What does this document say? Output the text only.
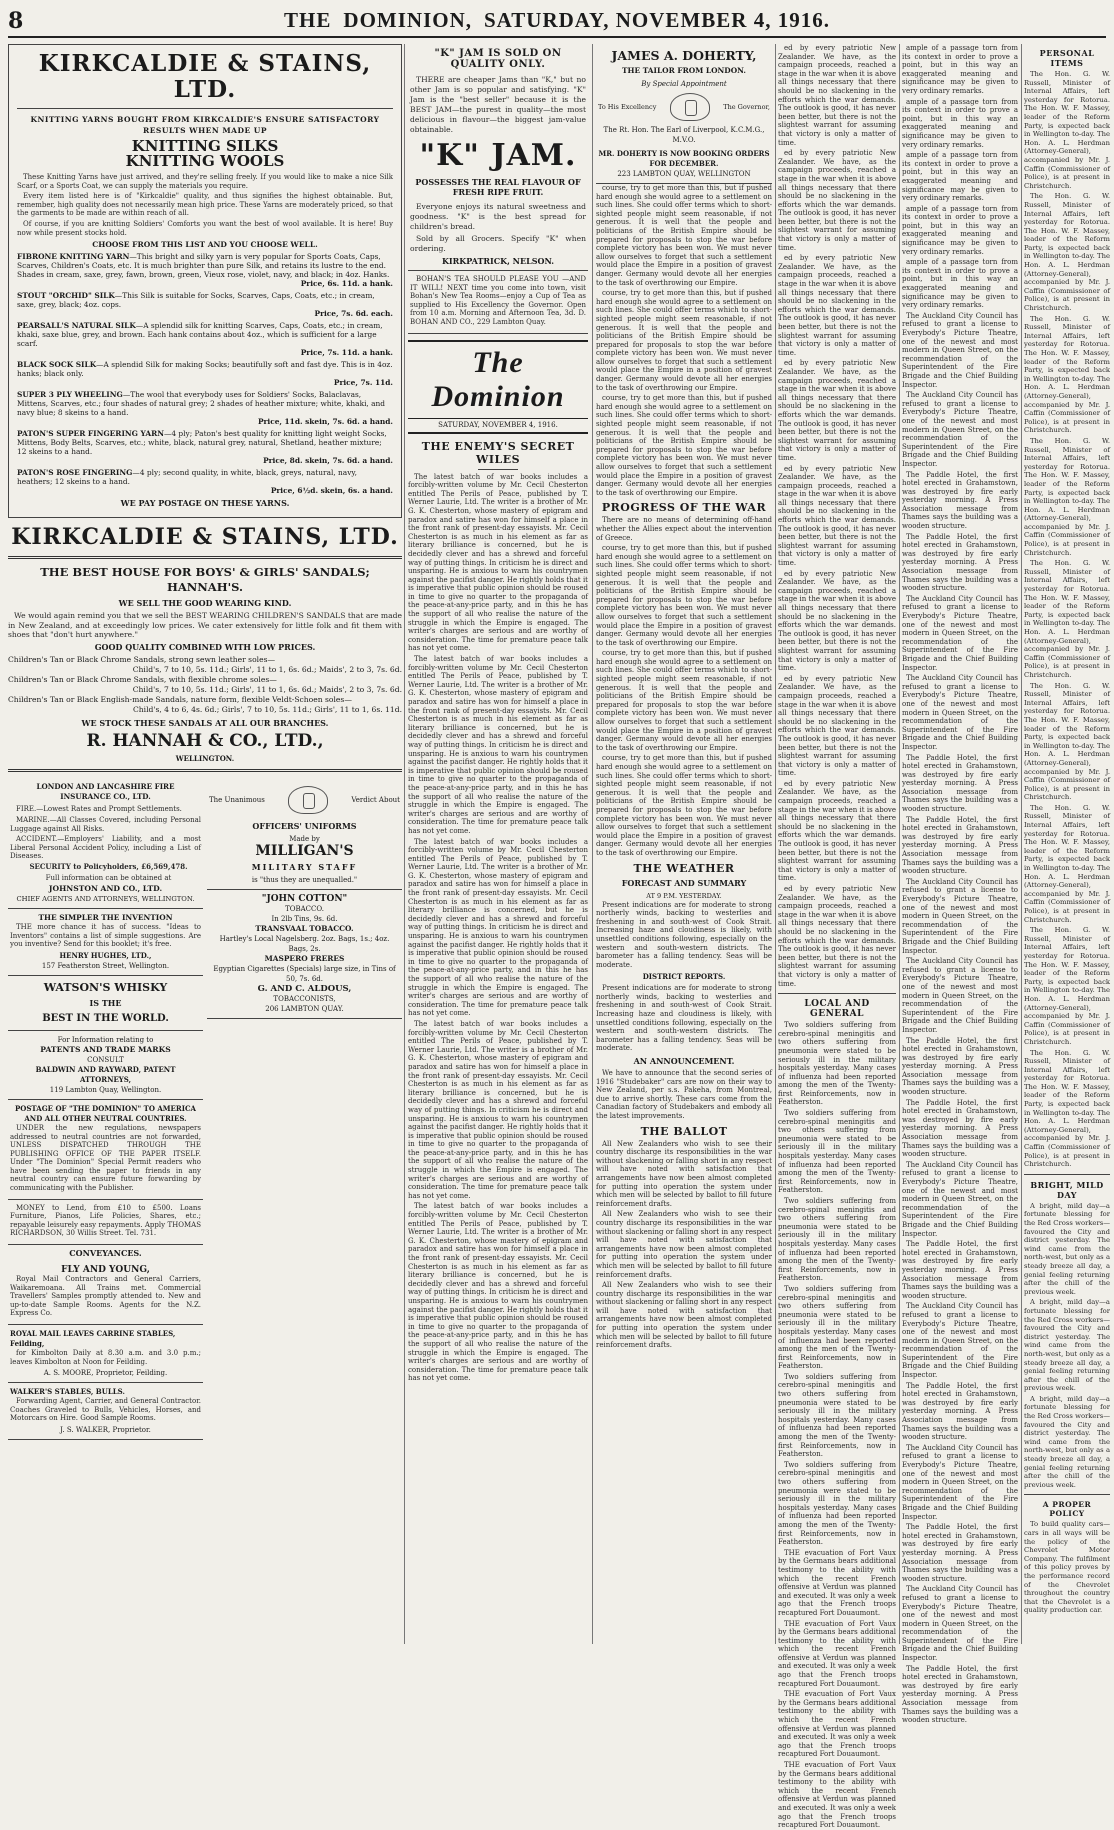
8	THE DOMINION, SATURDAY, NOVEMBER 4, 1916.
KIRKCALDIE & STAINS, LTD.
KNITTING YARNS BOUGHT FROM KIRKCALDIE'S ENSURE SATISFACTORY RESULTS WHEN MADE UP
KNITTING SILKS
KNITTING WOOLS

These Knitting Yarns have just arrived, and they're selling freely. If you would like to make a nice Silk Scarf, or a Sports Coat, we can supply the materials you require.

Every item listed here is of "Kirkcaldie" quality, and thus signifies the highest obtainable. But, remember, high quality does not necessarily mean high price. These Yarns are moderately priced, so that the garments to be made are within reach of all.

Of course, if you are knitting Soldiers' Comforts you want the best of wool available. It is here! Buy now while present stocks hold.

CHOOSE FROM THIS LIST AND YOU CHOOSE WELL.
FIBRONE KNITTING YARN—This bright and silky yarn is very popular for Sports Coats, Caps, Scarves, Children's Coats, etc. It is much brighter than pure Silk, and retains its lustre to the end. Shades in cream, saxe, grey, fawn, brown, green, Vieux rose, violet, navy, and black; in 4oz. Hanks.
Price, 6s. 11d. a hank.
STOUT "ORCHID" SILK—This Silk is suitable for Socks, Scarves, Caps, Coats, etc.; in cream, saxe, grey, black; 4oz. cops.
Price, 7s. 6d. each.
PEARSALL'S NATURAL SILK—A splendid silk for knitting Scarves, Caps, Coats, etc.; in cream, khaki, saxe blue, grey, and brown. Each hank contains about 4oz., which is sufficient for a large scarf.
Price, 7s. 11d. a hank.
BLACK SOCK SILK—A splendid Silk for making Socks; beautifully soft and fast dye. This is in 4oz. hanks; black only.
Price, 7s. 11d.
SUPER 3 PLY WHEELING—The wool that everybody uses for Soldiers' Socks, Balaclavas, Mittens, Scarves, etc.; four shades of natural grey; 2 shades of heather mixture; white, khaki, and navy blue; 8 skeins to a hand.
Price, 11d. skein, 7s. 6d. a hand.
PATON'S SUPER FINGERING YARN—4 ply; Paton's best quality for knitting light weight Socks, Mittens, Body Belts, Scarves, etc.; white, black, natural grey, natural, Shetland, heather mixture; 12 skeins to a hand.
Price, 8d. skein, 7s. 6d. a hand.
PATON'S ROSE FINGERING—4 ply; second quality, in white, black, greys, natural, navy, heathers; 12 skeins to a hand.
Price, 6½d. skein, 6s. a hand.
WE PAY POSTAGE ON THESE YARNS.
KIRKCALDIE & STAINS, LTD.
THE BEST HOUSE FOR BOYS' & GIRLS' SANDALS; HANNAH'S.
WE SELL THE GOOD WEARING KIND.

We would again remind you that we sell the BEST WEARING CHILDREN'S SANDALS that are made in New Zealand, and at exceedingly low prices. We cater extensively for little folk and fit them with shoes that "don't hurt anywhere."

GOOD QUALITY COMBINED WITH LOW PRICES.
Children's Tan or Black Chrome Sandals, strong sewn leather soles—
Child's, 7 to 10, 5s. 11d.; Girls', 11 to 1, 6s. 6d.; Maids', 2 to 3, 7s. 6d.
Children's Tan or Black Chrome Sandals, with flexible chrome soles—
Child's, 7 to 10, 5s. 11d.; Girls', 11 to 1, 6s. 6d.; Maids', 2 to 3, 7s. 6d.
Children's Tan or Black English-made Sandals, nature form, flexible Veldt-Schoen soles—
Child's, 4 to 6, 4s. 6d.; Girls', 7 to 10, 5s. 11d.; Girls', 11 to 1, 6s. 11d.
WE STOCK THESE SANDALS AT ALL OUR BRANCHES.
R. HANNAH & CO., LTD.,
WELLINGTON.
LONDON AND LANCASHIRE FIRE INSURANCE CO., LTD.

FIRE.—Lowest Rates and Prompt Settlements.

MARINE.—All Classes Covered, including Personal Luggage against All Risks.

ACCIDENT.—Employers' Liability, and a most Liberal Personal Accident Policy, including a List of Diseases.

SECURITY to Policyholders, £6,569,478.

Full information can be obtained at

JOHNSTON AND CO., LTD.
CHIEF AGENTS AND ATTORNEYS, WELLINGTON.
THE SIMPLER THE INVENTION

THE more chance it has of success. "Ideas to Inventors" contains a list of simple suggestions. Are you inventive? Send for this booklet; it's free.

HENRY HUGHES, LTD.,
157 Featherston Street, Wellington.
WATSON'S WHISKY
IS THE
BEST IN THE WORLD.
For Information relating to
PATENTS AND TRADE MARKS
CONSULT
BALDWIN AND RAYWARD, PATENT ATTORNEYS,
119 Lambton Quay, Wellington.
POSTAGE OF "THE DOMINION" TO AMERICA AND ALL OTHER NEUTRAL COUNTRIES.

UNDER the new regulations, newspapers addressed to neutral countries are not forwarded, UNLESS DISPATCHED THROUGH THE PUBLISHING OFFICE OF THE PAPER ITSELF. Under "The Dominion" Special Permit readers who have been sending the paper to friends in any neutral country can ensure future forwarding by communicating with the Publisher.

MONEY to Lend, from £10 to £500. Loans Furniture, Pianos, Life Policies, Shares, etc.; repayable leisurely easy repayments. Apply THOMAS RICHARDSON, 30 Willis Street. Tel. 731.

CONVEYANCES.
FLY AND YOUNG,

Royal Mail Contractors and General Carriers, Waikaremoana. All Trains met. Commercial Travellers' Samples promptly attended to. New and up-to-date Sample Rooms. Agents for the N.Z. Express Co.

ROYAL MAIL LEAVES CARRINE STABLES, Feilding,

for Kimbolton Daily at 8.30 a.m. and 3.0 p.m.; leaves Kimbolton at Noon for Feilding.

A. S. MOORE, Proprietor, Feilding.
WALKER'S STABLES, BULLS.

Forwarding Agent, Carrier, and General Contractor. Coaches Graveled to Bulls, Vehicles, Horses, and Motorcars on Hire. Good Sample Rooms.

J. S. WALKER, Proprietor.
The Unanimous	Verdict About
OFFICERS' UNIFORMS
Made by
MILLIGAN'S
MILITARY STAFF
is "thus they are unequalled."
"JOHN COTTON"
TOBACCO.
In 2lb Tins, 9s. 6d.
TRANSVAAL TOBACCO.
Hartley's Local Nagelsberg. 2oz. Bags, 1s.; 4oz. Bags, 2s.
MASPERO FRERES
Egyptian Cigarettes (Specials) large size, in Tins of 50, 7s. 6d.
G. AND C. ALDOUS,
TOBACCONISTS,
206 LAMBTON QUAY.
"K" JAM IS SOLD ON QUALITY ONLY.

THERE are cheaper Jams than "K," but no other Jam is so popular and satisfying. "K" Jam is the "best seller" because it is the BEST JAM—the purest in quality—the most delicious in flavour—the biggest jam-value obtainable.

"K" JAM.
POSSESSES THE REAL FLAVOUR OF FRESH RIPE FRUIT.

Everyone enjoys its natural sweetness and goodness. "K" is the best spread for children's bread.

Sold by all Grocers. Specify "K" when ordering.

KIRKPATRICK, NELSON.

BOHAN'S TEA SHOULD PLEASE YOU —AND IT WILL! NEXT time you come into town, visit Bohan's New Tea Rooms—enjoy a Cup of Tea as supplied to His Excellency the Governor. Open from 10 a.m. Morning and Afternoon Tea, 3d. D. BOHAN AND CO., 229 Lambton Quay.

The Dominion
SATURDAY, NOVEMBER 4, 1916.
THE ENEMY'S SECRET WILES

The latest batch of war books includes a forcibly-written volume by Mr. Cecil Chesterton entitled The Perils of Peace, published by T. Werner Laurie, Ltd. The writer is a brother of Mr. G. K. Chesterton, whose mastery of epigram and paradox and satire has won for himself a place in the front rank of present-day essayists. Mr. Cecil Chesterton is as much in his element as far as literary brilliance is concerned, but he is decidedly clever and has a shrewd and forceful way of putting things. In criticism he is direct and unsparing. He is anxious to warn his countrymen against the pacifist danger. He rightly holds that it is imperative that public opinion should be roused in time to give no quarter to the propaganda of the peace-at-any-price party, and in this he has the support of all who realise the nature of the struggle in which the Empire is engaged. The writer's charges are serious and are worthy of consideration. The time for premature peace talk has not yet come.

The latest batch of war books includes a forcibly-written volume by Mr. Cecil Chesterton entitled The Perils of Peace, published by T. Werner Laurie, Ltd. The writer is a brother of Mr. G. K. Chesterton, whose mastery of epigram and paradox and satire has won for himself a place in the front rank of present-day essayists. Mr. Cecil Chesterton is as much in his element as far as literary brilliance is concerned, but he is decidedly clever and has a shrewd and forceful way of putting things. In criticism he is direct and unsparing. He is anxious to warn his countrymen against the pacifist danger. He rightly holds that it is imperative that public opinion should be roused in time to give no quarter to the propaganda of the peace-at-any-price party, and in this he has the support of all who realise the nature of the struggle in which the Empire is engaged. The writer's charges are serious and are worthy of consideration. The time for premature peace talk has not yet come.

The latest batch of war books includes a forcibly-written volume by Mr. Cecil Chesterton entitled The Perils of Peace, published by T. Werner Laurie, Ltd. The writer is a brother of Mr. G. K. Chesterton, whose mastery of epigram and paradox and satire has won for himself a place in the front rank of present-day essayists. Mr. Cecil Chesterton is as much in his element as far as literary brilliance is concerned, but he is decidedly clever and has a shrewd and forceful way of putting things. In criticism he is direct and unsparing. He is anxious to warn his countrymen against the pacifist danger. He rightly holds that it is imperative that public opinion should be roused in time to give no quarter to the propaganda of the peace-at-any-price party, and in this he has the support of all who realise the nature of the struggle in which the Empire is engaged. The writer's charges are serious and are worthy of consideration. The time for premature peace talk has not yet come.

The latest batch of war books includes a forcibly-written volume by Mr. Cecil Chesterton entitled The Perils of Peace, published by T. Werner Laurie, Ltd. The writer is a brother of Mr. G. K. Chesterton, whose mastery of epigram and paradox and satire has won for himself a place in the front rank of present-day essayists. Mr. Cecil Chesterton is as much in his element as far as literary brilliance is concerned, but he is decidedly clever and has a shrewd and forceful way of putting things. In criticism he is direct and unsparing. He is anxious to warn his countrymen against the pacifist danger. He rightly holds that it is imperative that public opinion should be roused in time to give no quarter to the propaganda of the peace-at-any-price party, and in this he has the support of all who realise the nature of the struggle in which the Empire is engaged. The writer's charges are serious and are worthy of consideration. The time for premature peace talk has not yet come.

The latest batch of war books includes a forcibly-written volume by Mr. Cecil Chesterton entitled The Perils of Peace, published by T. Werner Laurie, Ltd. The writer is a brother of Mr. G. K. Chesterton, whose mastery of epigram and paradox and satire has won for himself a place in the front rank of present-day essayists. Mr. Cecil Chesterton is as much in his element as far as literary brilliance is concerned, but he is decidedly clever and has a shrewd and forceful way of putting things. In criticism he is direct and unsparing. He is anxious to warn his countrymen against the pacifist danger. He rightly holds that it is imperative that public opinion should be roused in time to give no quarter to the propaganda of the peace-at-any-price party, and in this he has the support of all who realise the nature of the struggle in which the Empire is engaged. The writer's charges are serious and are worthy of consideration. The time for premature peace talk has not yet come.

JAMES A. DOHERTY,
THE TAILOR FROM LONDON.
By Special Appointment
To His Excellency	The Governor,
The Rt. Hon. The Earl of Liverpool, K.C.M.G., M.V.O.
MR. DOHERTY IS NOW BOOKING ORDERS FOR DECEMBER.
223 LAMBTON QUAY, WELLINGTON

course, try to get more than this, but if pushed hard enough she would agree to a settlement on such lines. She could offer terms which to short-sighted people might seem reasonable, if not generous. It is well that the people and politicians of the British Empire should be prepared for proposals to stop the war before complete victory has been won. We must never allow ourselves to forget that such a settlement would place the Empire in a position of gravest danger. Germany would devote all her energies to the task of overthrowing our Empire.

course, try to get more than this, but if pushed hard enough she would agree to a settlement on such lines. She could offer terms which to short-sighted people might seem reasonable, if not generous. It is well that the people and politicians of the British Empire should be prepared for proposals to stop the war before complete victory has been won. We must never allow ourselves to forget that such a settlement would place the Empire in a position of gravest danger. Germany would devote all her energies to the task of overthrowing our Empire.

course, try to get more than this, but if pushed hard enough she would agree to a settlement on such lines. She could offer terms which to short-sighted people might seem reasonable, if not generous. It is well that the people and politicians of the British Empire should be prepared for proposals to stop the war before complete victory has been won. We must never allow ourselves to forget that such a settlement would place the Empire in a position of gravest danger. Germany would devote all her energies to the task of overthrowing our Empire.

PROGRESS OF THE WAR

There are no means of determining off-hand whether the Allies expect about the intervention of Greece.

course, try to get more than this, but if pushed hard enough she would agree to a settlement on such lines. She could offer terms which to short-sighted people might seem reasonable, if not generous. It is well that the people and politicians of the British Empire should be prepared for proposals to stop the war before complete victory has been won. We must never allow ourselves to forget that such a settlement would place the Empire in a position of gravest danger. Germany would devote all her energies to the task of overthrowing our Empire.

course, try to get more than this, but if pushed hard enough she would agree to a settlement on such lines. She could offer terms which to short-sighted people might seem reasonable, if not generous. It is well that the people and politicians of the British Empire should be prepared for proposals to stop the war before complete victory has been won. We must never allow ourselves to forget that such a settlement would place the Empire in a position of gravest danger. Germany would devote all her energies to the task of overthrowing our Empire.

course, try to get more than this, but if pushed hard enough she would agree to a settlement on such lines. She could offer terms which to short-sighted people might seem reasonable, if not generous. It is well that the people and politicians of the British Empire should be prepared for proposals to stop the war before complete victory has been won. We must never allow ourselves to forget that such a settlement would place the Empire in a position of gravest danger. Germany would devote all her energies to the task of overthrowing our Empire.

THE WEATHER
FORECAST AND SUMMARY
AT 9 P.M. YESTERDAY.

Present indications are for moderate to strong northerly winds, backing to westerlies and freshening in and south-west of Cook Strait. Increasing haze and cloudiness is likely, with unsettled conditions following, especially on the western and south-western districts. The barometer has a falling tendency. Seas will be moderate.

DISTRICT REPORTS.

Present indications are for moderate to strong northerly winds, backing to westerlies and freshening in and south-west of Cook Strait. Increasing haze and cloudiness is likely, with unsettled conditions following, especially on the western and south-western districts. The barometer has a falling tendency. Seas will be moderate.

AN ANNOUNCEMENT.

We have to announce that the second series of 1916 "Studebaker" cars are now on their way to New Zealand, per s.s. Pakeha, from Montreal, due to arrive shortly. These cars come from the Canadian factory of Studebakers and embody all the latest improvements.

THE BALLOT

All New Zealanders who wish to see their country discharge its responsibilities in the war without slackening or falling short in any respect will have noted with satisfaction that arrangements have now been almost completed for putting into operation the system under which men will be selected by ballot to fill future reinforcement drafts.

All New Zealanders who wish to see their country discharge its responsibilities in the war without slackening or falling short in any respect will have noted with satisfaction that arrangements have now been almost completed for putting into operation the system under which men will be selected by ballot to fill future reinforcement drafts.

All New Zealanders who wish to see their country discharge its responsibilities in the war without slackening or falling short in any respect will have noted with satisfaction that arrangements have now been almost completed for putting into operation the system under which men will be selected by ballot to fill future reinforcement drafts.

ed by every patriotic New Zealander. We have, as the campaign proceeds, reached a stage in the war when it is above all things necessary that there should be no slackening in the efforts which the war demands. The outlook is good, it has never been better, but there is not the slightest warrant for assuming that victory is only a matter of time.

ed by every patriotic New Zealander. We have, as the campaign proceeds, reached a stage in the war when it is above all things necessary that there should be no slackening in the efforts which the war demands. The outlook is good, it has never been better, but there is not the slightest warrant for assuming that victory is only a matter of time.

ed by every patriotic New Zealander. We have, as the campaign proceeds, reached a stage in the war when it is above all things necessary that there should be no slackening in the efforts which the war demands. The outlook is good, it has never been better, but there is not the slightest warrant for assuming that victory is only a matter of time.

ed by every patriotic New Zealander. We have, as the campaign proceeds, reached a stage in the war when it is above all things necessary that there should be no slackening in the efforts which the war demands. The outlook is good, it has never been better, but there is not the slightest warrant for assuming that victory is only a matter of time.

ed by every patriotic New Zealander. We have, as the campaign proceeds, reached a stage in the war when it is above all things necessary that there should be no slackening in the efforts which the war demands. The outlook is good, it has never been better, but there is not the slightest warrant for assuming that victory is only a matter of time.

ed by every patriotic New Zealander. We have, as the campaign proceeds, reached a stage in the war when it is above all things necessary that there should be no slackening in the efforts which the war demands. The outlook is good, it has never been better, but there is not the slightest warrant for assuming that victory is only a matter of time.

ed by every patriotic New Zealander. We have, as the campaign proceeds, reached a stage in the war when it is above all things necessary that there should be no slackening in the efforts which the war demands. The outlook is good, it has never been better, but there is not the slightest warrant for assuming that victory is only a matter of time.

ed by every patriotic New Zealander. We have, as the campaign proceeds, reached a stage in the war when it is above all things necessary that there should be no slackening in the efforts which the war demands. The outlook is good, it has never been better, but there is not the slightest warrant for assuming that victory is only a matter of time.

ed by every patriotic New Zealander. We have, as the campaign proceeds, reached a stage in the war when it is above all things necessary that there should be no slackening in the efforts which the war demands. The outlook is good, it has never been better, but there is not the slightest warrant for assuming that victory is only a matter of time.

LOCAL AND GENERAL

Two soldiers suffering from cerebro-spinal meningitis and two others suffering from pneumonia were stated to be seriously ill in the military hospitals yesterday. Many cases of influenza had been reported among the men of the Twenty-first Reinforcements, now in Featherston.

Two soldiers suffering from cerebro-spinal meningitis and two others suffering from pneumonia were stated to be seriously ill in the military hospitals yesterday. Many cases of influenza had been reported among the men of the Twenty-first Reinforcements, now in Featherston.

Two soldiers suffering from cerebro-spinal meningitis and two others suffering from pneumonia were stated to be seriously ill in the military hospitals yesterday. Many cases of influenza had been reported among the men of the Twenty-first Reinforcements, now in Featherston.

Two soldiers suffering from cerebro-spinal meningitis and two others suffering from pneumonia were stated to be seriously ill in the military hospitals yesterday. Many cases of influenza had been reported among the men of the Twenty-first Reinforcements, now in Featherston.

Two soldiers suffering from cerebro-spinal meningitis and two others suffering from pneumonia were stated to be seriously ill in the military hospitals yesterday. Many cases of influenza had been reported among the men of the Twenty-first Reinforcements, now in Featherston.

Two soldiers suffering from cerebro-spinal meningitis and two others suffering from pneumonia were stated to be seriously ill in the military hospitals yesterday. Many cases of influenza had been reported among the men of the Twenty-first Reinforcements, now in Featherston.

THE evacuation of Fort Vaux by the Germans bears additional testimony to the ability with which the recent French offensive at Verdun was planned and executed. It was only a week ago that the French troops recaptured Fort Douaumont.

THE evacuation of Fort Vaux by the Germans bears additional testimony to the ability with which the recent French offensive at Verdun was planned and executed. It was only a week ago that the French troops recaptured Fort Douaumont.

THE evacuation of Fort Vaux by the Germans bears additional testimony to the ability with which the recent French offensive at Verdun was planned and executed. It was only a week ago that the French troops recaptured Fort Douaumont.

THE evacuation of Fort Vaux by the Germans bears additional testimony to the ability with which the recent French offensive at Verdun was planned and executed. It was only a week ago that the French troops recaptured Fort Douaumont.

ample of a passage torn from its context in order to prove a point, but in this way an exaggerated meaning and significance may be given to very ordinary remarks.

ample of a passage torn from its context in order to prove a point, but in this way an exaggerated meaning and significance may be given to very ordinary remarks.

ample of a passage torn from its context in order to prove a point, but in this way an exaggerated meaning and significance may be given to very ordinary remarks.

ample of a passage torn from its context in order to prove a point, but in this way an exaggerated meaning and significance may be given to very ordinary remarks.

ample of a passage torn from its context in order to prove a point, but in this way an exaggerated meaning and significance may be given to very ordinary remarks.

The Auckland City Council has refused to grant a license to Everybody's Picture Theatre, one of the newest and most modern in Queen Street, on the recommendation of the Superintendent of the Fire Brigade and the Chief Building Inspector.

The Auckland City Council has refused to grant a license to Everybody's Picture Theatre, one of the newest and most modern in Queen Street, on the recommendation of the Superintendent of the Fire Brigade and the Chief Building Inspector.

The Paddle Hotel, the first hotel erected in Grahamstown, was destroyed by fire early yesterday morning. A Press Association message from Thames says the building was a wooden structure.

The Paddle Hotel, the first hotel erected in Grahamstown, was destroyed by fire early yesterday morning. A Press Association message from Thames says the building was a wooden structure.

The Auckland City Council has refused to grant a license to Everybody's Picture Theatre, one of the newest and most modern in Queen Street, on the recommendation of the Superintendent of the Fire Brigade and the Chief Building Inspector.

The Auckland City Council has refused to grant a license to Everybody's Picture Theatre, one of the newest and most modern in Queen Street, on the recommendation of the Superintendent of the Fire Brigade and the Chief Building Inspector.

The Paddle Hotel, the first hotel erected in Grahamstown, was destroyed by fire early yesterday morning. A Press Association message from Thames says the building was a wooden structure.

The Paddle Hotel, the first hotel erected in Grahamstown, was destroyed by fire early yesterday morning. A Press Association message from Thames says the building was a wooden structure.

The Auckland City Council has refused to grant a license to Everybody's Picture Theatre, one of the newest and most modern in Queen Street, on the recommendation of the Superintendent of the Fire Brigade and the Chief Building Inspector.

The Auckland City Council has refused to grant a license to Everybody's Picture Theatre, one of the newest and most modern in Queen Street, on the recommendation of the Superintendent of the Fire Brigade and the Chief Building Inspector.

The Paddle Hotel, the first hotel erected in Grahamstown, was destroyed by fire early yesterday morning. A Press Association message from Thames says the building was a wooden structure.

The Paddle Hotel, the first hotel erected in Grahamstown, was destroyed by fire early yesterday morning. A Press Association message from Thames says the building was a wooden structure.

The Auckland City Council has refused to grant a license to Everybody's Picture Theatre, one of the newest and most modern in Queen Street, on the recommendation of the Superintendent of the Fire Brigade and the Chief Building Inspector.

The Paddle Hotel, the first hotel erected in Grahamstown, was destroyed by fire early yesterday morning. A Press Association message from Thames says the building was a wooden structure.

The Auckland City Council has refused to grant a license to Everybody's Picture Theatre, one of the newest and most modern in Queen Street, on the recommendation of the Superintendent of the Fire Brigade and the Chief Building Inspector.

The Paddle Hotel, the first hotel erected in Grahamstown, was destroyed by fire early yesterday morning. A Press Association message from Thames says the building was a wooden structure.

The Auckland City Council has refused to grant a license to Everybody's Picture Theatre, one of the newest and most modern in Queen Street, on the recommendation of the Superintendent of the Fire Brigade and the Chief Building Inspector.

The Paddle Hotel, the first hotel erected in Grahamstown, was destroyed by fire early yesterday morning. A Press Association message from Thames says the building was a wooden structure.

The Auckland City Council has refused to grant a license to Everybody's Picture Theatre, one of the newest and most modern in Queen Street, on the recommendation of the Superintendent of the Fire Brigade and the Chief Building Inspector.

The Paddle Hotel, the first hotel erected in Grahamstown, was destroyed by fire early yesterday morning. A Press Association message from Thames says the building was a wooden structure.

PERSONAL ITEMS

The Hon. G. W. Russell, Minister of Internal Affairs, left yesterday for Rotorua. The Hon. W. F. Massey, leader of the Reform Party, is expected back in Wellington to-day. The Hon. A. L. Herdman (Attorney-General), accompanied by Mr. J. Caffin (Commissioner of Police), is at present in Christchurch.

The Hon. G. W. Russell, Minister of Internal Affairs, left yesterday for Rotorua. The Hon. W. F. Massey, leader of the Reform Party, is expected back in Wellington to-day. The Hon. A. L. Herdman (Attorney-General), accompanied by Mr. J. Caffin (Commissioner of Police), is at present in Christchurch.

The Hon. G. W. Russell, Minister of Internal Affairs, left yesterday for Rotorua. The Hon. W. F. Massey, leader of the Reform Party, is expected back in Wellington to-day. The Hon. A. L. Herdman (Attorney-General), accompanied by Mr. J. Caffin (Commissioner of Police), is at present in Christchurch.

The Hon. G. W. Russell, Minister of Internal Affairs, left yesterday for Rotorua. The Hon. W. F. Massey, leader of the Reform Party, is expected back in Wellington to-day. The Hon. A. L. Herdman (Attorney-General), accompanied by Mr. J. Caffin (Commissioner of Police), is at present in Christchurch.

The Hon. G. W. Russell, Minister of Internal Affairs, left yesterday for Rotorua. The Hon. W. F. Massey, leader of the Reform Party, is expected back in Wellington to-day. The Hon. A. L. Herdman (Attorney-General), accompanied by Mr. J. Caffin (Commissioner of Police), is at present in Christchurch.

The Hon. G. W. Russell, Minister of Internal Affairs, left yesterday for Rotorua. The Hon. W. F. Massey, leader of the Reform Party, is expected back in Wellington to-day. The Hon. A. L. Herdman (Attorney-General), accompanied by Mr. J. Caffin (Commissioner of Police), is at present in Christchurch.

The Hon. G. W. Russell, Minister of Internal Affairs, left yesterday for Rotorua. The Hon. W. F. Massey, leader of the Reform Party, is expected back in Wellington to-day. The Hon. A. L. Herdman (Attorney-General), accompanied by Mr. J. Caffin (Commissioner of Police), is at present in Christchurch.

The Hon. G. W. Russell, Minister of Internal Affairs, left yesterday for Rotorua. The Hon. W. F. Massey, leader of the Reform Party, is expected back in Wellington to-day. The Hon. A. L. Herdman (Attorney-General), accompanied by Mr. J. Caffin (Commissioner of Police), is at present in Christchurch.

The Hon. G. W. Russell, Minister of Internal Affairs, left yesterday for Rotorua. The Hon. W. F. Massey, leader of the Reform Party, is expected back in Wellington to-day. The Hon. A. L. Herdman (Attorney-General), accompanied by Mr. J. Caffin (Commissioner of Police), is at present in Christchurch.

BRIGHT, MILD DAY

A bright, mild day—a fortunate blessing for the Red Cross workers—favoured the City and district yesterday. The wind came from the north-west, but only as a steady breeze all day, a genial feeling returning after the chill of the previous week.

A bright, mild day—a fortunate blessing for the Red Cross workers—favoured the City and district yesterday. The wind came from the north-west, but only as a steady breeze all day, a genial feeling returning after the chill of the previous week.

A bright, mild day—a fortunate blessing for the Red Cross workers—favoured the City and district yesterday. The wind came from the north-west, but only as a steady breeze all day, a genial feeling returning after the chill of the previous week.

A PROPER POLICY

To build quality cars—cars in all ways will be the policy of the Chevrolet Motor Company. The fulfilment of this policy proves by the performance record of the Chevrolet throughout the country that the Chevrolet is a quality production car.
